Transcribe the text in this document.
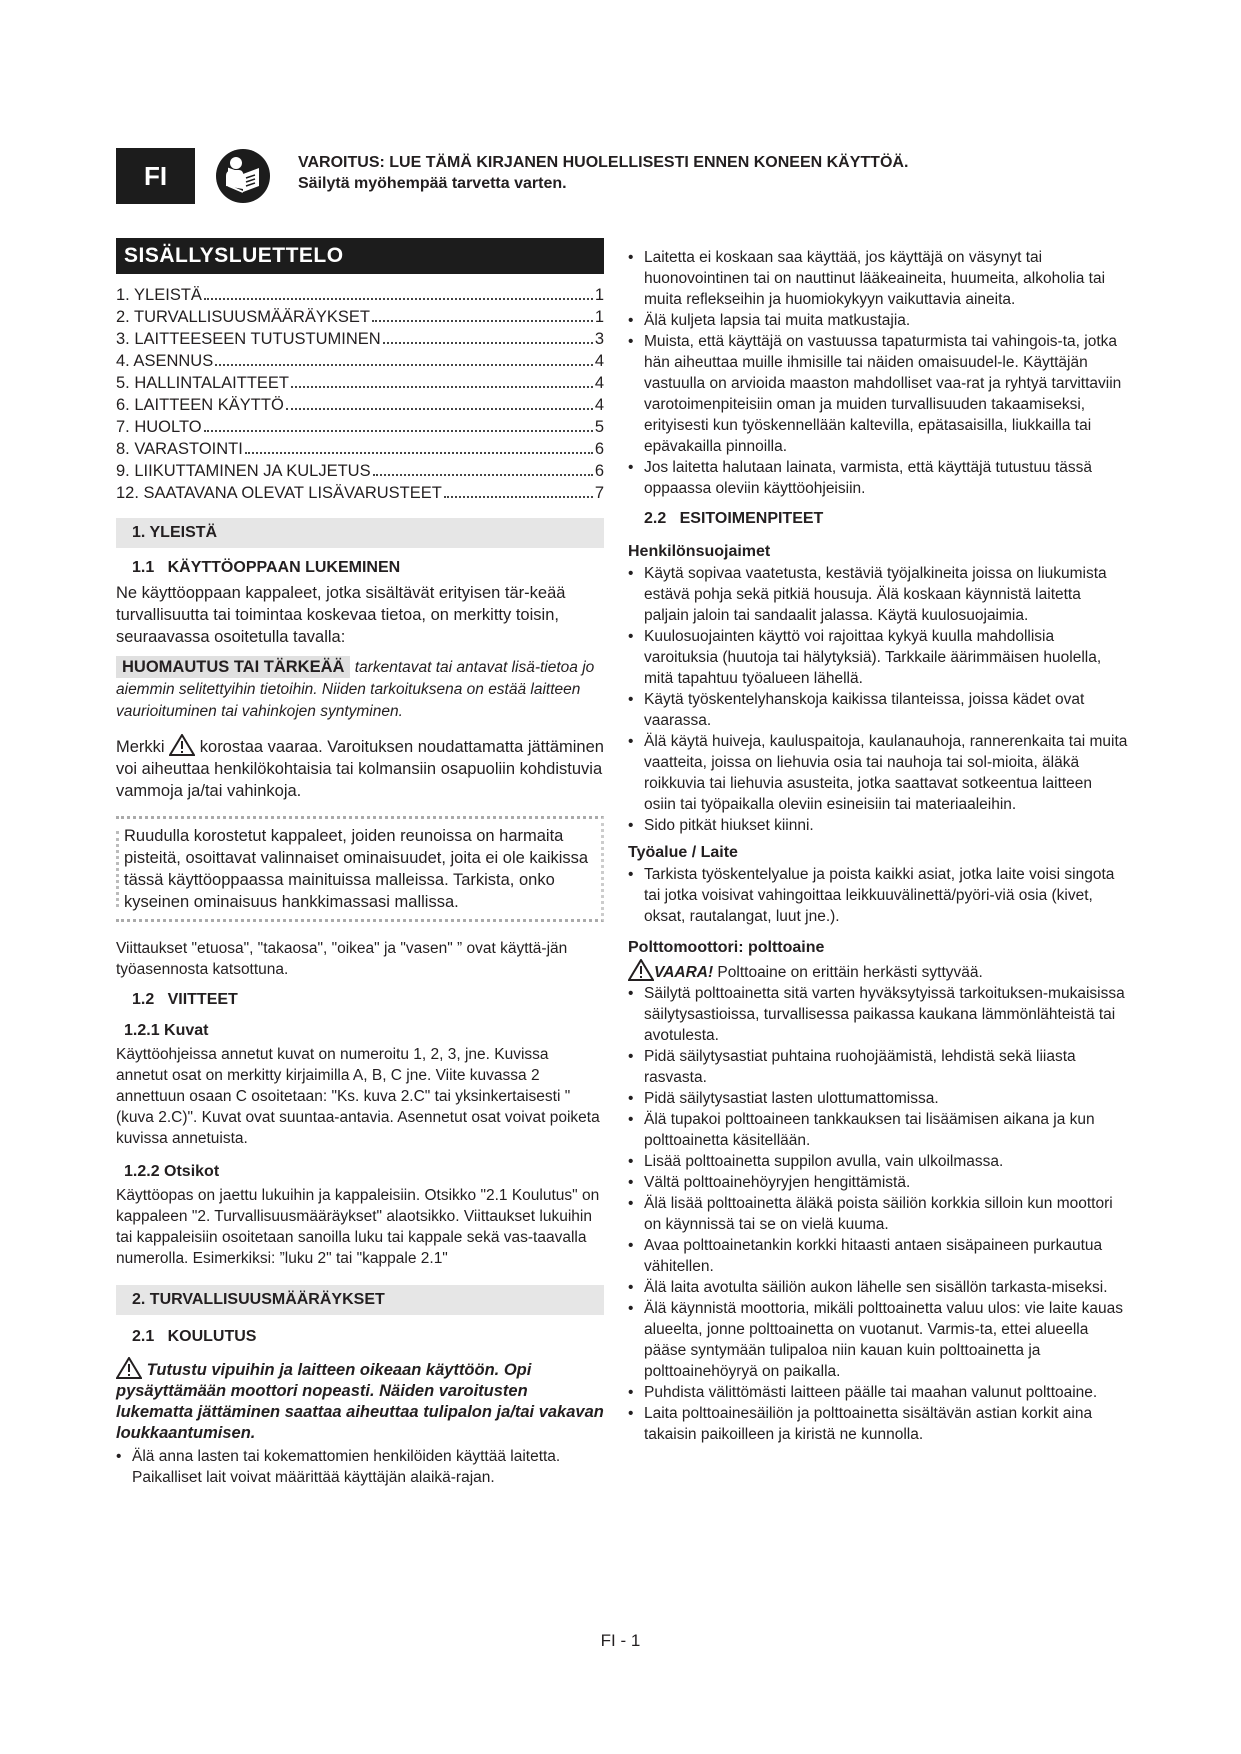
FI	VAROITUS: LUE TÄMÄ KIRJANEN HUOLELLISESTI ENNEN KONEEN KÄYTTÖÄ.
Säilytä myöhempää tarvetta varten.
SISÄLLYSLUETTELO
1. YLEISTÄ	1
2. TURVALLISUUSMÄÄRÄYKSET	1
3. LAITTEESEEN TUTUSTUMINEN	3
4. ASENNUS	4
5. HALLINTALAITTEET	4
6. LAITTEEN KÄYTTÖ	4
7. HUOLTO	5
8. VARASTOINTI	6
9. LIIKUTTAMINEN JA KULJETUS	6
12. SAATAVANA OLEVAT LISÄVARUSTEET	7
1. YLEISTÄ
1.1 KÄYTTÖOPPAAN LUKEMINEN
Ne käyttöoppaan kappaleet, jotka sisältävät erityisen tär-keää turvallisuutta tai toimintaa koskevaa tietoa, on merkitty toisin, seuraavassa osoitetulla tavalla:
HUOMAUTUS TAI TÄRKEÄÄ tarkentavat tai antavat lisä-tietoa jo aiemmin selitettyihin tietoihin. Niiden tarkoituksena on estää laitteen vaurioituminen tai vahinkojen syntyminen.
Merkki  korostaa vaaraa. Varoituksen noudattamatta jättäminen voi aiheuttaa henkilökohtaisia tai kolmansiin osapuoliin kohdistuvia vammoja ja/tai vahinkoja.
Ruudulla korostetut kappaleet, joiden reunoissa on harmaita pisteitä, osoittavat valinnaiset ominaisuudet, joita ei ole kaikissa tässä käyttöoppaassa mainituissa malleissa. Tarkista, onko kyseinen ominaisuus hankkimassasi mallissa.
Viittaukset "etuosa", "takaosa", "oikea" ja "vasen" ” ovat käyttä-jän työasennosta katsottuna.
1.2 VIITTEET
1.2.1 Kuvat
Käyttöohjeissa annetut kuvat on numeroitu 1, 2, 3, jne. Kuvissa annetut osat on merkitty kirjaimilla A, B, C jne. Viite kuvassa 2 annettuun osaan C osoitetaan: "Ks. kuva 2.C" tai yksinkertaisesti "(kuva 2.C)". Kuvat ovat suuntaa-antavia. Asennetut osat voivat poiketa kuvissa annetuista.
1.2.2 Otsikot
Käyttöopas on jaettu lukuihin ja kappaleisiin. Otsikko "2.1 Koulutus" on kappaleen "2. Turvallisuusmääräykset" alaotsikko. Viittaukset lukuihin tai kappaleisiin osoitetaan sanoilla luku tai kappale sekä vas-taavalla numerolla. Esimerkiksi: ”luku 2" tai "kappale 2.1"
2. TURVALLISUUSMÄÄRÄYKSET
2.1 KOULUTUS
Tutustu vipuihin ja laitteen oikeaan käyttöön. Opi pysäyttämään moottori nopeasti. Näiden varoitusten lukematta jättäminen saattaa aiheuttaa tulipalon ja/tai vakavan loukkaantumisen.
• Älä anna lasten tai kokemattomien henkilöiden käyttää laitetta. Paikalliset lait voivat määrittää käyttäjän alaikä-rajan.
• Laitetta ei koskaan saa käyttää, jos käyttäjä on väsynyt tai huonovointinen tai on nauttinut lääkeaineita, huumeita, alkoholia tai muita reflekseihin ja huomiokykyyn vaikuttavia aineita.
• Älä kuljeta lapsia tai muita matkustajia.
• Muista, että käyttäjä on vastuussa tapaturmista tai vahingois-ta, jotka hän aiheuttaa muille ihmisille tai näiden omaisuudel-le. Käyttäjän vastuulla on arvioida maaston mahdolliset vaa-rat ja ryhtyä tarvittaviin varotoimenpiteisiin oman ja muiden turvallisuuden takaamiseksi, erityisesti kun työskennellään kaltevilla, epätasaisilla, liukkailla tai epävakailla pinnoilla.
• Jos laitetta halutaan lainata, varmista, että käyttäjä tutustuu tässä oppaassa oleviin käyttöohjeisiin.
2.2 ESITOIMENPITEET
Henkilönsuojaimet
• Käytä sopivaa vaatetusta, kestäviä työjalkineita joissa on liukumista estävä pohja sekä pitkiä housuja. Älä koskaan käynnistä laitetta paljain jaloin tai sandaalit jalassa. Käytä kuulosuojaimia.
• Kuulosuojainten käyttö voi rajoittaa kykyä kuulla mahdollisia varoituksia (huutoja tai hälytyksiä). Tarkkaile äärimmäisen huolella, mitä tapahtuu työalueen lähellä.
• Käytä työskentelyhanskoja kaikissa tilanteissa, joissa kädet ovat vaarassa.
• Älä käytä huiveja, kauluspaitoja, kaulanauhoja, rannerenkaita tai muita vaatteita, joissa on liehuvia osia tai nauhoja tai sol-mioita, äläkä roikkuvia tai liehuvia asusteita, jotka saattavat sotkeentua laitteen osiin tai työpaikalla oleviin esineisiin tai materiaaleihin.
• Sido pitkät hiukset kiinni.
Työalue / Laite
• Tarkista työskentelyalue ja poista kaikki asiat, jotka laite voisi singota tai jotka voisivat vahingoittaa leikkuuvälinettä/pyöri-viä osia (kivet, oksat, rautalangat, luut jne.).
Polttomoottori: polttoaine
VAARA! Polttoaine on erittäin herkästi syttyvää.
• Säilytä polttoainetta sitä varten hyväksytyissä tarkoituksen-mukaisissa säilytysastioissa, turvallisessa paikassa kaukana lämmönlähteistä tai avotulesta.
• Pidä säilytysastiat puhtaina ruohojäämistä, lehdistä sekä liiasta rasvasta.
• Pidä säilytysastiat lasten ulottumattomissa.
• Älä tupakoi polttoaineen tankkauksen tai lisäämisen aikana ja kun polttoainetta käsitellään.
• Lisää polttoainetta suppilon avulla, vain ulkoilmassa.
• Vältä polttoainehöyryjen hengittämistä.
• Älä lisää polttoainetta äläkä poista säiliön korkkia silloin kun moottori on käynnissä tai se on vielä kuuma.
• Avaa polttoainetankin korkki hitaasti antaen sisäpaineen purkautua vähitellen.
• Älä laita avotulta säiliön aukon lähelle sen sisällön tarkasta-miseksi.
• Älä käynnistä moottoria, mikäli polttoainetta valuu ulos: vie laite kauas alueelta, jonne polttoainetta on vuotanut. Varmis-ta, ettei alueella pääse syntymään tulipaloa niin kauan kuin polttoainetta ja polttoainehöyryä on paikalla.
• Puhdista välittömästi laitteen päälle tai maahan valunut polttoaine.
• Laita polttoainesäiliön ja polttoainetta sisältävän astian korkit aina takaisin paikoilleen ja kiristä ne kunnolla.
FI - 1
